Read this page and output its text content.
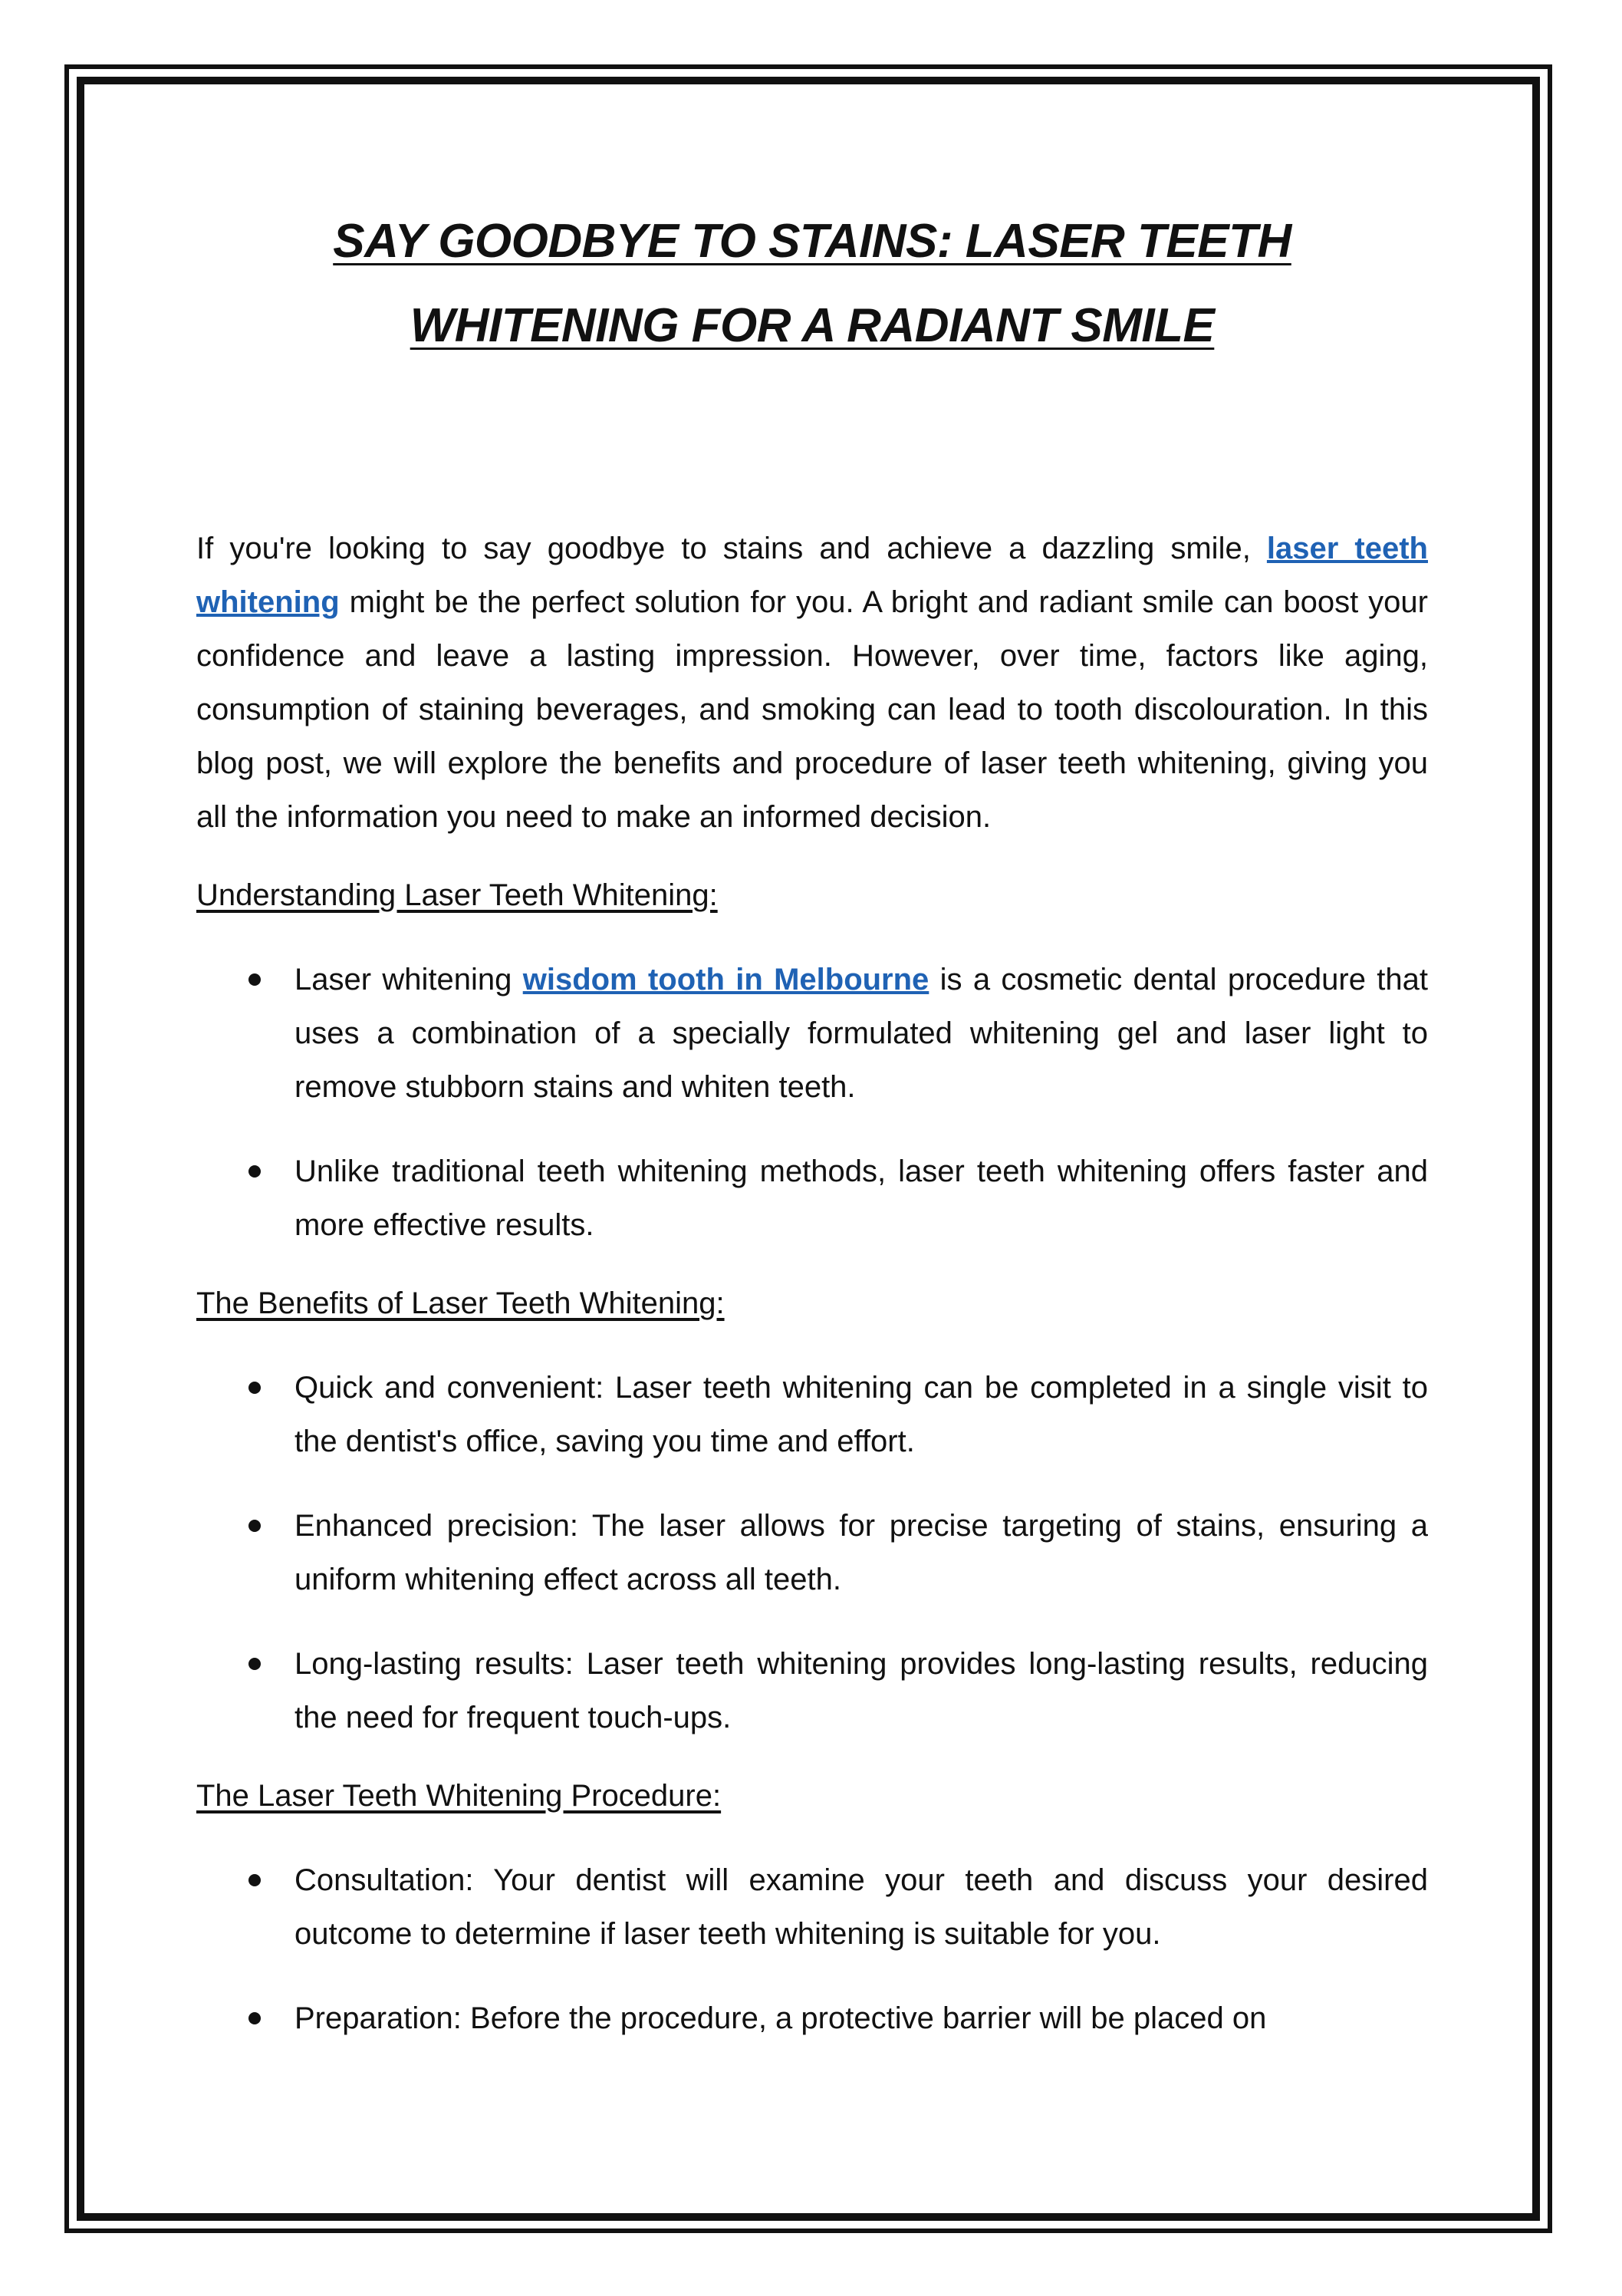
SAY GOODBYE TO STAINS: LASER TEETH
WHITENING FOR A RADIANT SMILE

If you're looking to say goodbye to stains and achieve a dazzling smile, laser teeth whitening might be the perfect solution for you. A bright and radiant smile can boost your confidence and leave a lasting impression. However, over time, factors like aging, consumption of staining beverages, and smoking can lead to tooth discolouration. In this blog post, we will explore the benefits and procedure of laser teeth whitening, giving you all the information you need to make an informed decision.

Understanding Laser Teeth Whitening:

Laser whitening wisdom tooth in Melbourne is a cosmetic dental procedure that uses a combination of a specially formulated whitening gel and laser light to remove stubborn stains and whiten teeth.
Unlike traditional teeth whitening methods, laser teeth whitening offers faster and more effective results.

The Benefits of Laser Teeth Whitening:

Quick and convenient: Laser teeth whitening can be completed in a single visit to the dentist's office, saving you time and effort.
Enhanced precision: The laser allows for precise targeting of stains, ensuring a uniform whitening effect across all teeth.
Long-lasting results: Laser teeth whitening provides long-lasting results, reducing the need for frequent touch-ups.

The Laser Teeth Whitening Procedure:

Consultation: Your dentist will examine your teeth and discuss your desired outcome to determine if laser teeth whitening is suitable for you.
Preparation: Before the procedure, a protective barrier will be placed on
